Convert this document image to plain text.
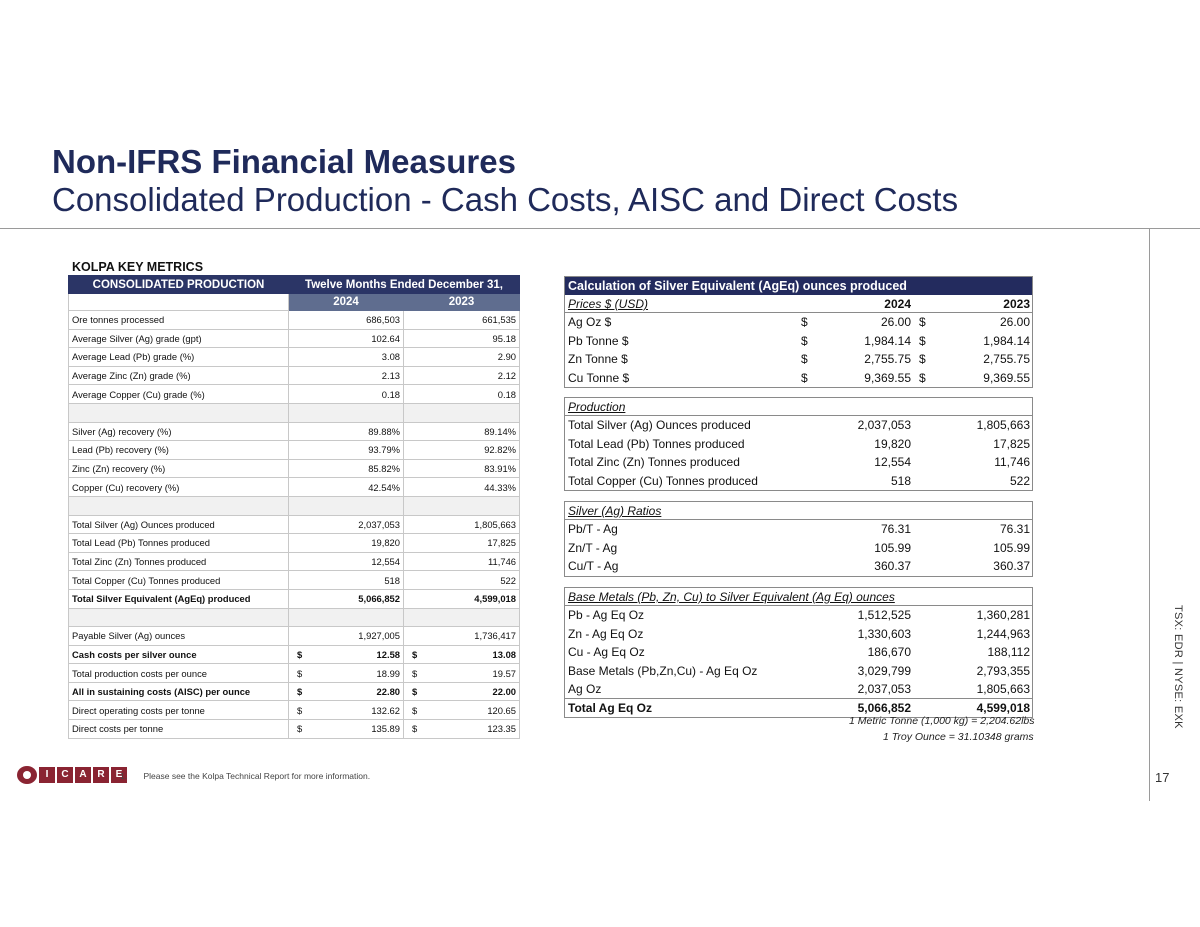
Non-IFRS Financial Measures
Consolidated Production - Cash Costs, AISC and Direct Costs
TSX: EDR | NYSE: EXK
17
KOLPA KEY METRICS
CONSOLIDATED PRODUCTION	Twelve Months Ended December 31,	
	2024	2023
Ore tonnes processed	686,503	661,535
Average Silver (Ag) grade (gpt)	102.64	95.18
Average Lead (Pb) grade (%)	3.08	2.90
Average Zinc (Zn) grade (%)	2.13	2.12
Average Copper (Cu) grade (%)	0.18	0.18

Silver (Ag) recovery (%)	89.88%	89.14%
Lead (Pb) recovery (%)	93.79%	92.82%
Zinc (Zn) recovery (%)	85.82%	83.91%
Copper (Cu) recovery (%)	42.54%	44.33%

Total Silver (Ag) Ounces produced	2,037,053	1,805,663
Total Lead (Pb) Tonnes produced	19,820	17,825
Total Zinc (Zn) Tonnes produced	12,554	11,746
Total Copper (Cu) Tonnes produced	518	522
Total Silver Equivalent (AgEq) produced	5,066,852	4,599,018

Payable Silver (Ag) ounces	1,927,005	1,736,417
Cash costs per silver ounce	$ 12.58	$ 13.08

Total production costs per ounce	$ 18.99	$ 19.57

All in sustaining costs (AISC) per ounce	$ 22.80	$ 22.00

Direct operating costs per tonne	$ 132.62	$ 120.65

Direct costs per tonne	$ 135.89	$ 123.35
Calculation of Silver Equivalent (AgEq) ounces produced
Prices $ (USD)	2024	2023
Ag Oz $	$	26.00 $	26.00
Pb Tonne $	$	1,984.14 $	1,984.14
Zn Tonne $	$	2,755.75 $	2,755.75
Cu Tonne $	$	9,369.55 $	9,369.55
Production
Total Silver (Ag) Ounces produced	2,037,053	1,805,663
Total Lead (Pb) Tonnes produced	19,820	17,825
Total Zinc (Zn) Tonnes produced	12,554	11,746
Total Copper (Cu) Tonnes produced	518	522
Silver (Ag) Ratios
Pb/T - Ag	76.31	76.31
Zn/T - Ag	105.99	105.99
Cu/T - Ag	360.37	360.37
Base Metals (Pb, Zn, Cu) to Silver Equivalent (Ag Eq) ounces
Pb - Ag Eq Oz	1,512,525	1,360,281
Zn - Ag Eq Oz	1,330,603	1,244,963
Cu - Ag Eq Oz	186,670	188,112
Base Metals (Pb,Zn,Cu) - Ag Eq Oz	3,029,799	2,793,355
Ag Oz	2,037,053	1,805,663
Total Ag Eq Oz	5,066,852	4,599,018
1 Metric Tonne (1,000 kg) = 2,204.62lbs
1 Troy Ounce = 31.10348 grams
I	C	A	R	E
1. Please see the Kolpa Technical Report for more information.
